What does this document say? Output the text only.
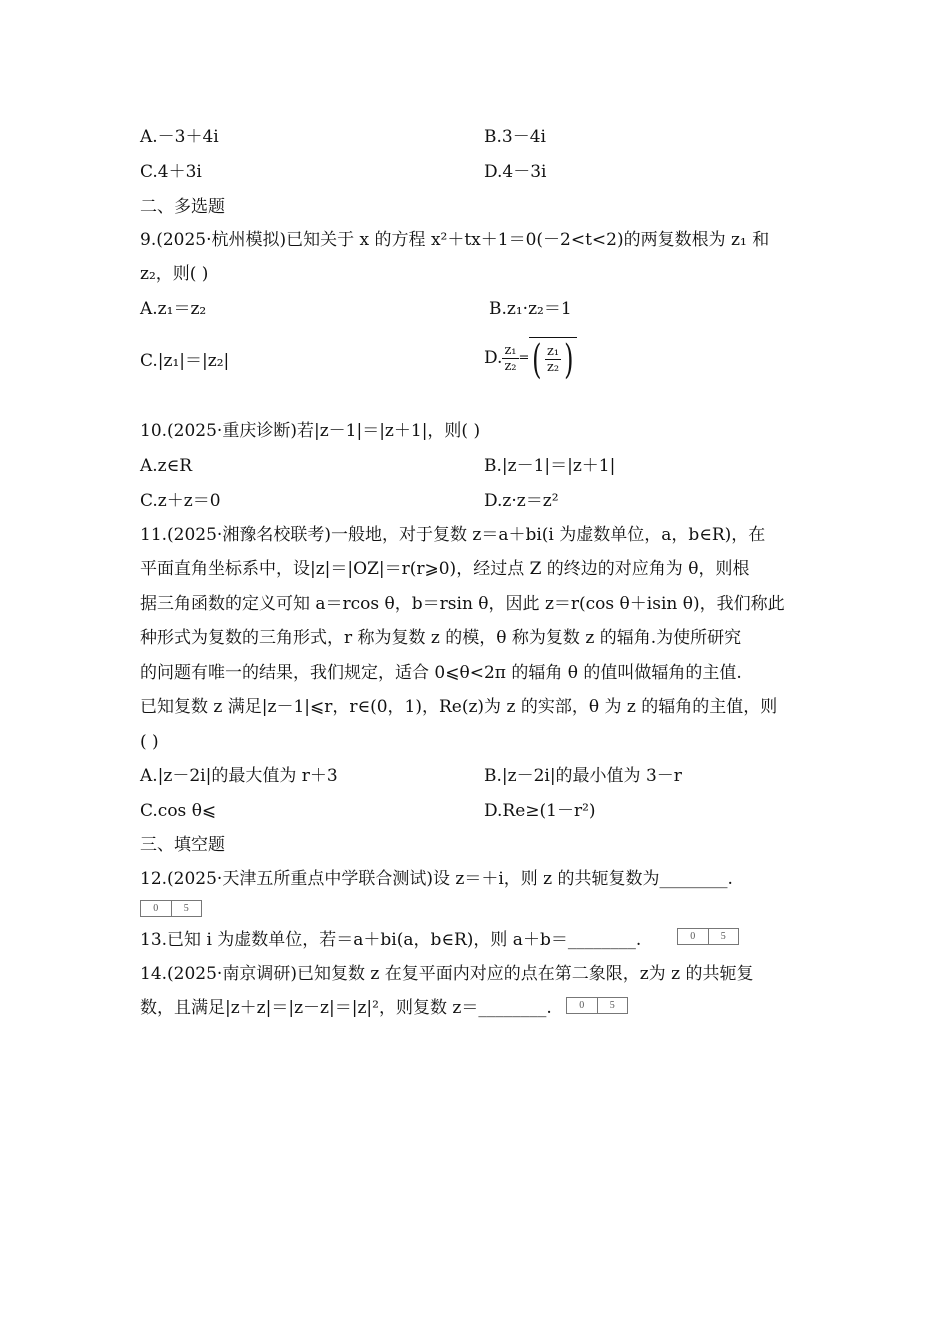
A.－3＋4i	B.3－4i
C.4＋3i	D.4－3i
二、多选题
9.(2025·杭州模拟)已知关于 x 的方程 x²＋tx＋1＝0(－2<t<2)的两复数根为 z₁ 和
z₂，则( )
A.z₁＝z₂	B.z₁·z₂＝1
C.|z₁|＝|z₂|	D. $\frac{\text{z₁}}{\text{z₂}}$ =( $\frac{\text{z₁}}{\text{z₂}}$ )
10.(2025·重庆诊断)若|z－1|＝|z＋1|，则( )
A.z∈R	B.|z－1|＝|z＋1|
C.z＋z＝0	D.z·z＝z²
11.(2025·湘豫名校联考)一般地，对于复数 z＝a＋bi(i 为虚数单位，a，b∈R)，在
平面直角坐标系中，设|z|＝|OZ|＝r(r⩾0)，经过点 Z 的终边的对应角为 θ，则根
据三角函数的定义可知 a＝rcos θ，b＝rsin θ，因此 z＝r(cos θ＋isin θ)，我们称此
种形式为复数的三角形式，r 称为复数 z 的模，θ 称为复数 z 的辐角.为使所研究
的问题有唯一的结果，我们规定，适合 0⩽θ<2π 的辐角 θ 的值叫做辐角的主值.
已知复数 z 满足|z－1|⩽r，r∈(0，1)，Re(z)为 z 的实部，θ 为 z 的辐角的主值，则
( )
A.|z－2i|的最大值为 r＋3	B.|z－2i|的最小值为 3－r
C.cos θ⩽	D.Re≥(1－r²)
三、填空题
12.(2025·天津五所重点中学联合测试)设 z＝＋i，则 z 的共轭复数为________.
0	5
13.已知 i 为虚数单位，若＝a＋bi(a，b∈R)，则 a＋b＝________.	0	5
14.(2025·南京调研)已知复数 z 在复平面内对应的点在第二象限，z为 z 的共轭复
数，且满足|z＋z|＝|z－z|＝|z|²，则复数 z＝________.	0	5
